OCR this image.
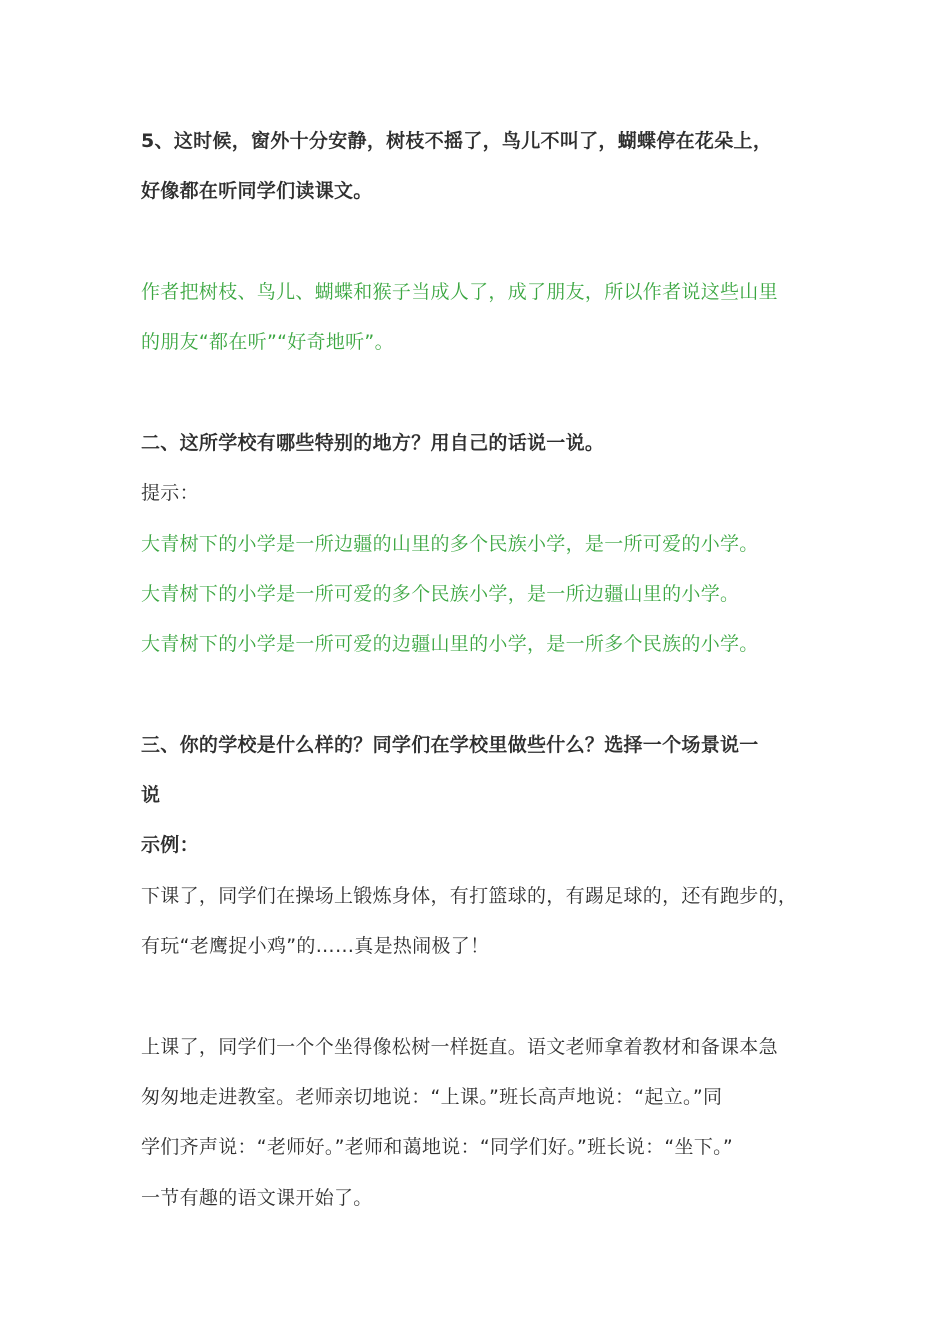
5、这时候，窗外十分安静，树枝不摇了，鸟儿不叫了，蝴蝶停在花朵上，
好像都在听同学们读课文。
作者把树枝、鸟儿、蝴蝶和猴子当成人了，成了朋友，所以作者说这些山里
的朋友“都在听”“好奇地听”。
二、这所学校有哪些特别的地方？用自己的话说一说。
提示：
大青树下的小学是一所边疆的山里的多个民族小学，是一所可爱的小学。
大青树下的小学是一所可爱的多个民族小学，是一所边疆山里的小学。
大青树下的小学是一所可爱的边疆山里的小学，是一所多个民族的小学。
三、你的学校是什么样的？同学们在学校里做些什么？选择一个场景说一
说
示例：
下课了，同学们在操场上锻炼身体，有打篮球的，有踢足球的，还有跑步的，
有玩“老鹰捉小鸡”的……真是热闹极了！
上课了，同学们一个个坐得像松树一样挺直。语文老师拿着教材和备课本急
匆匆地走进教室。老师亲切地说：“上课。”班长高声地说：“起立。”同
学们齐声说：“老师好。”老师和蔼地说：“同学们好。”班长说：“坐下。”
一节有趣的语文课开始了。
